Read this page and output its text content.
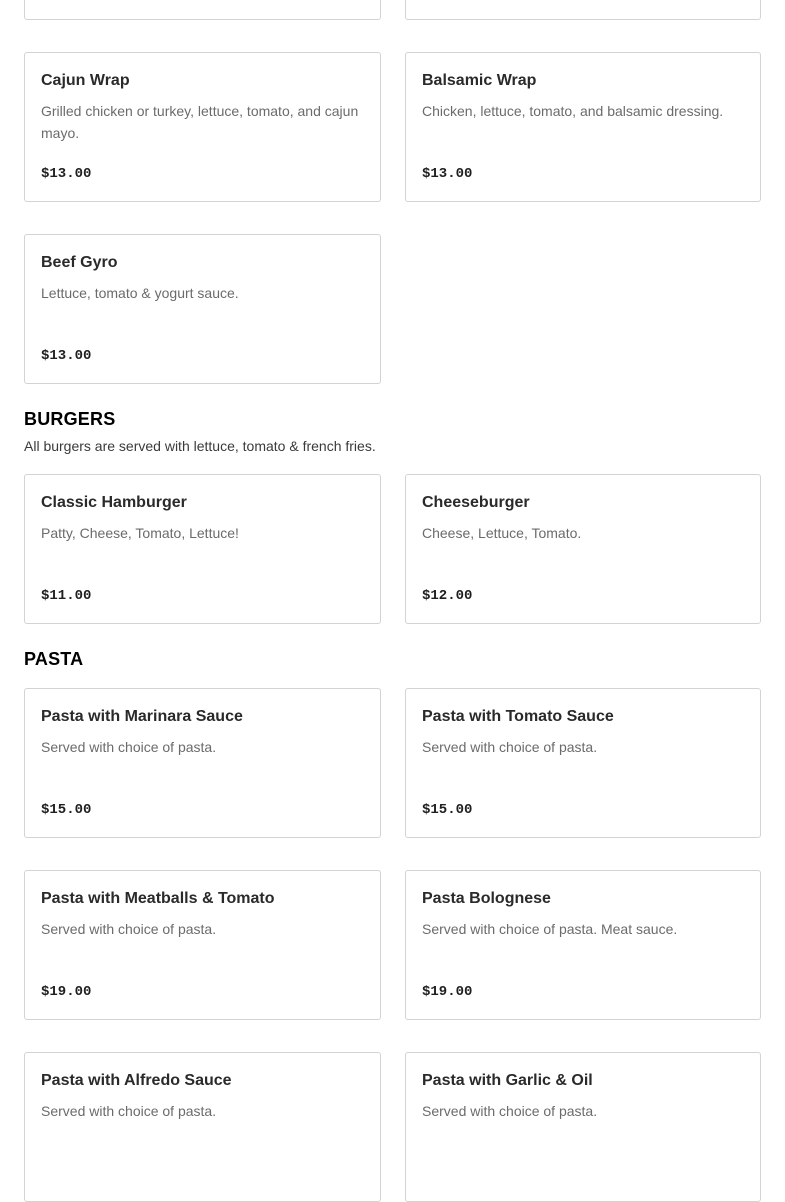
Cajun Wrap
Grilled chicken or turkey, lettuce, tomato, and cajun mayo.
$13.00
Balsamic Wrap
Chicken, lettuce, tomato, and balsamic dressing.
$13.00
Beef Gyro
Lettuce, tomato & yogurt sauce.
$13.00
BURGERS
All burgers are served with lettuce, tomato & french fries.
Classic Hamburger
Patty, Cheese, Tomato, Lettuce!
$11.00
Cheeseburger
Cheese, Lettuce, Tomato.
$12.00
PASTA
Pasta with Marinara Sauce
Served with choice of pasta.
$15.00
Pasta with Tomato Sauce
Served with choice of pasta.
$15.00
Pasta with Meatballs & Tomato
Served with choice of pasta.
$19.00
Pasta Bolognese
Served with choice of pasta. Meat sauce.
$19.00
Pasta with Alfredo Sauce
Served with choice of pasta.
Pasta with Garlic & Oil
Served with choice of pasta.
